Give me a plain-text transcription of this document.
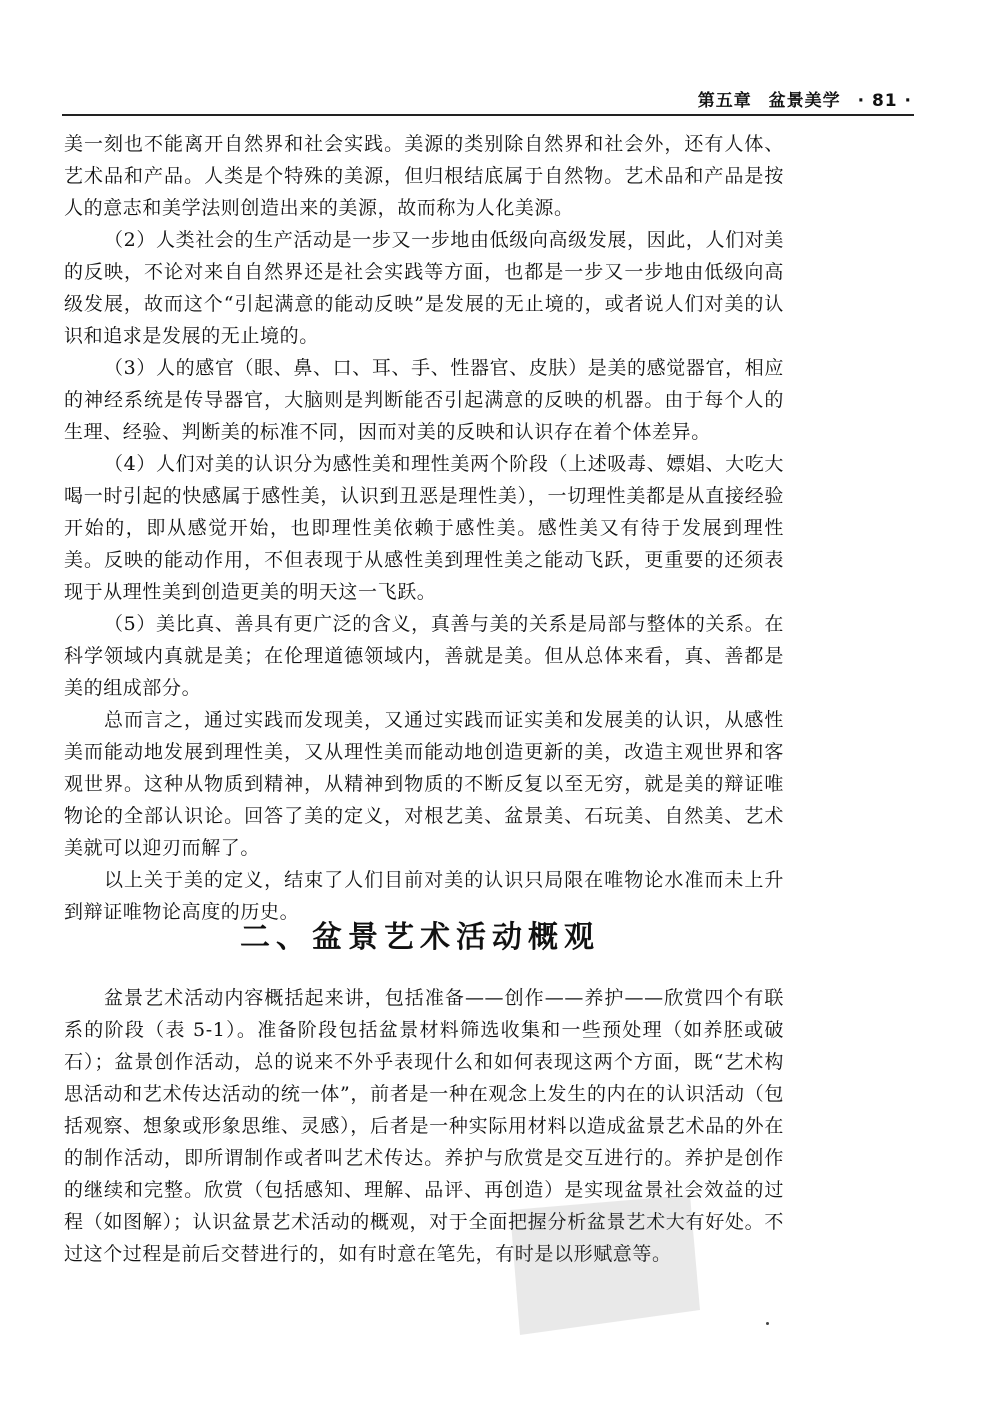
第五章 盆景美学 · 81 ·

美一刻也不能离开自然界和社会实践。美源的类别除自然界和社会外，还有人体、艺术品和产品。人类是个特殊的美源，但归根结底属于自然物。艺术品和产品是按人的意志和美学法则创造出来的美源，故而称为人化美源。

（2）人类社会的生产活动是一步又一步地由低级向高级发展，因此，人们对美的反映，不论对来自自然界还是社会实践等方面，也都是一步又一步地由低级向高级发展，故而这个“引起满意的能动反映”是发展的无止境的，或者说人们对美的认识和追求是发展的无止境的。

（3）人的感官（眼、鼻、口、耳、手、性器官、皮肤）是美的感觉器官，相应的神经系统是传导器官，大脑则是判断能否引起满意的反映的机器。由于每个人的生理、经验、判断美的标准不同，因而对美的反映和认识存在着个体差异。

（4）人们对美的认识分为感性美和理性美两个阶段（上述吸毒、嫖娼、大吃大喝一时引起的快感属于感性美，认识到丑恶是理性美），一切理性美都是从直接经验开始的，即从感觉开始，也即理性美依赖于感性美。感性美又有待于发展到理性美。反映的能动作用，不但表现于从感性美到理性美之能动飞跃，更重要的还须表现于从理性美到创造更美的明天这一飞跃。

（5）美比真、善具有更广泛的含义，真善与美的关系是局部与整体的关系。在科学领域内真就是美；在伦理道德领域内，善就是美。但从总体来看，真、善都是美的组成部分。

总而言之，通过实践而发现美，又通过实践而证实美和发展美的认识，从感性美而能动地发展到理性美，又从理性美而能动地创造更新的美，改造主观世界和客观世界。这种从物质到精神，从精神到物质的不断反复以至无穷，就是美的辩证唯物论的全部认识论。回答了美的定义，对根艺美、盆景美、石玩美、自然美、艺术美就可以迎刃而解了。

以上关于美的定义，结束了人们目前对美的认识只局限在唯物论水准而未上升到辩证唯物论高度的历史。

二、盆景艺术活动概观

盆景艺术活动内容概括起来讲，包括准备——创作——养护——欣赏四个有联系的阶段（表 5-1）。准备阶段包括盆景材料筛选收集和一些预处理（如养胚或破石）；盆景创作活动，总的说来不外乎表现什么和如何表现这两个方面，既“艺术构思活动和艺术传达活动的统一体”，前者是一种在观念上发生的内在的认识活动（包括观察、想象或形象思维、灵感），后者是一种实际用材料以造成盆景艺术品的外在的制作活动，即所谓制作或者叫艺术传达。养护与欣赏是交互进行的。养护是创作的继续和完整。欣赏（包括感知、理解、品评、再创造）是实现盆景社会效益的过程（如图解）；认识盆景艺术活动的概观，对于全面把握分析盆景艺术大有好处。不过这个过程是前后交替进行的，如有时意在笔先，有时是以形赋意等。
